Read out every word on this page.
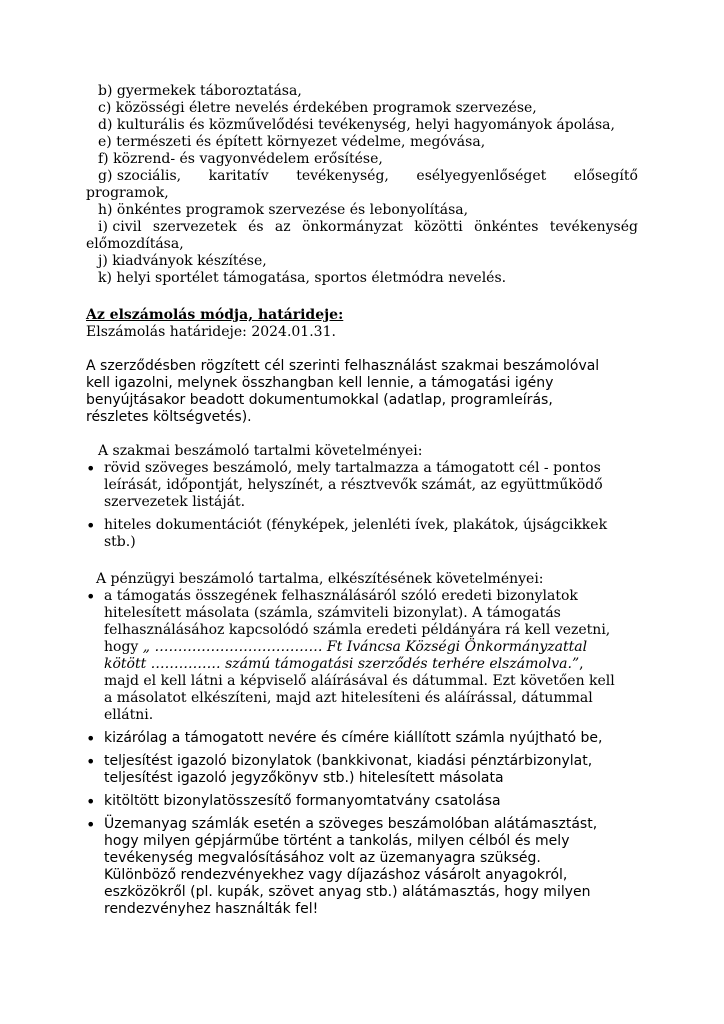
b) gyermekek táboroztatása,
c) közösségi életre nevelés érdekében programok szervezése,
d) kulturális és közművelődési tevékenység, helyi hagyományok ápolása,
e) természeti és épített környezet védelme, megóvása,
f) közrend- és vagyonvédelem erősítése,
g) szociális, karitatív tevékenység, esélyegyenlőséget elősegítő
programok,
h) önkéntes programok szervezése és lebonyolítása,
i) civil szervezetek és az önkormányzat közötti önkéntes tevékenység
előmozdítása,
j) kiadványok készítése,
k) helyi sportélet támogatása, sportos életmódra nevelés.
Az elszámolás módja, határideje:
Elszámolás határideje: 2024.01.31.
A szerződésben rögzített cél szerinti felhasználást szakmai beszámolóval
kell igazolni, melynek összhangban kell lennie, a támogatási igény
benyújtásakor beadott dokumentumokkal (adatlap, programleírás,
részletes költségvetés).
A szakmai beszámoló tartalmi követelményei:
• rövid szöveges beszámoló, mely tartalmazza a támogatott cél - pontos
leírását, időpontját, helyszínét, a résztvevők számát, az együttműködő
szervezetek listáját.
• hiteles dokumentációt (fényképek, jelenléti ívek, plakátok, újságcikkek
stb.)
A pénzügyi beszámoló tartalma, elkészítésének követelményei:
• a támogatás összegének felhasználásáról szóló eredeti bizonylatok
hitelesített másolata (számla, számviteli bizonylat). A támogatás
felhasználásához kapcsolódó számla eredeti példányára rá kell vezetni,
hogy „ ……………………………… Ft Iváncsa Községi Önkormányzattal
kötött …………… számú támogatási szerződés terhére elszámolva.”,
majd el kell látni a képviselő aláírásával és dátummal. Ezt követően kell
a másolatot elkészíteni, majd azt hitelesíteni és aláírással, dátummal
ellátni.
• kizárólag a támogatott nevére és címére kiállított számla nyújtható be,
• teljesítést igazoló bizonylatok (bankkivonat, kiadási pénztárbizonylat,
teljesítést igazoló jegyzőkönyv stb.) hitelesített másolata
• kitöltött bizonylatösszesítő formanyomtatvány csatolása
• Üzemanyag számlák esetén a szöveges beszámolóban alátámasztást,
hogy milyen gépjárműbe történt a tankolás, milyen célból és mely
tevékenység megvalósításához volt az üzemanyagra szükség.
Különböző rendezvényekhez vagy díjazáshoz vásárolt anyagokról,
eszközökről (pl. kupák, szövet anyag stb.) alátámasztás, hogy milyen
rendezvényhez használták fel!
